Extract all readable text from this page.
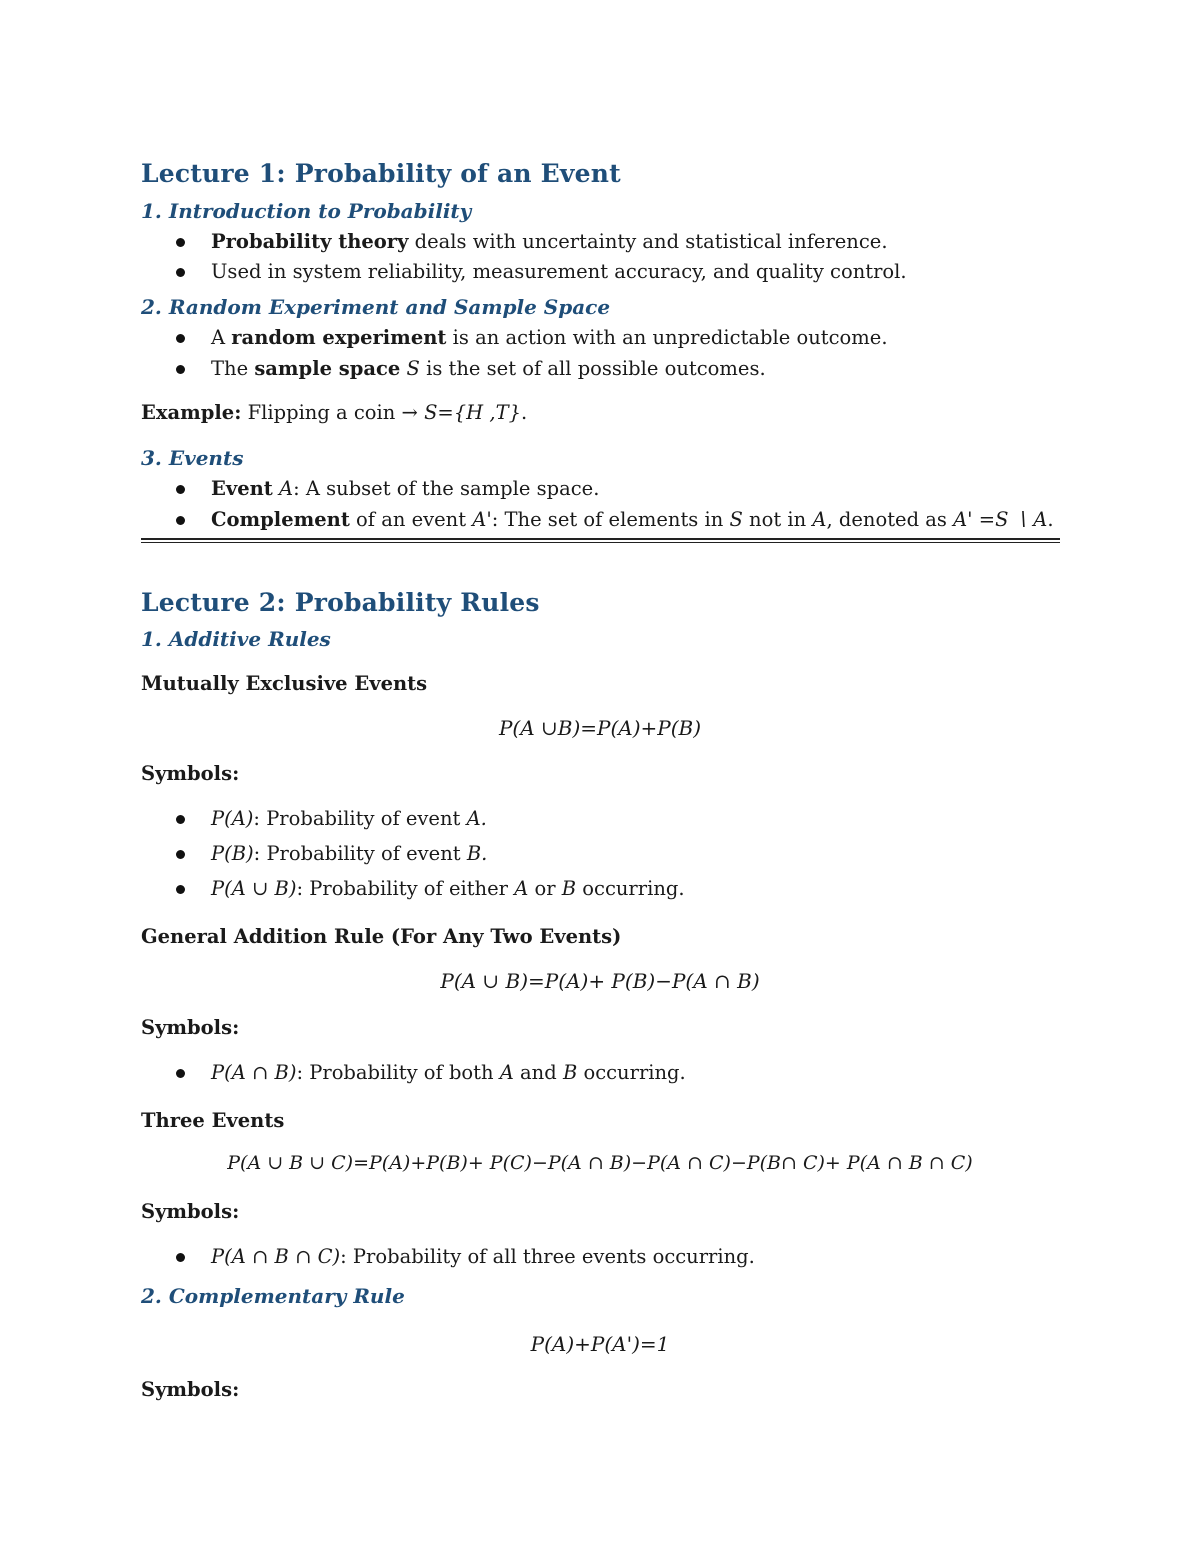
Lecture 1: Probability of an Event
1. Introduction to Probability
Probability theory deals with uncertainty and statistical inference.
Used in system reliability, measurement accuracy, and quality control.
2. Random Experiment and Sample Space
A random experiment is an action with an unpredictable outcome.
The sample space S is the set of all possible outcomes.
Example: Flipping a coin → S={H ,T}.
3. Events
Event A: A subset of the sample space.
Complement of an event A': The set of elements in S not in A, denoted as A' =S ∖ A.
Lecture 2: Probability Rules
1. Additive Rules
Mutually Exclusive Events
P(A ∪B)=P(A)+P(B)
Symbols:
P(A): Probability of event A.
P(B): Probability of event B.
P(A ∪ B): Probability of either A or B occurring.
General Addition Rule (For Any Two Events)
P(A ∪ B)=P(A)+ P(B)−P(A ∩ B)
Symbols:
P(A ∩ B): Probability of both A and B occurring.
Three Events
P(A ∪ B ∪ C)=P(A)+P(B)+ P(C)−P(A ∩ B)−P(A ∩ C)−P(B∩ C)+ P(A ∩ B ∩ C)
Symbols:
P(A ∩ B ∩ C): Probability of all three events occurring.
2. Complementary Rule
P(A)+P(A')=1
Symbols:
